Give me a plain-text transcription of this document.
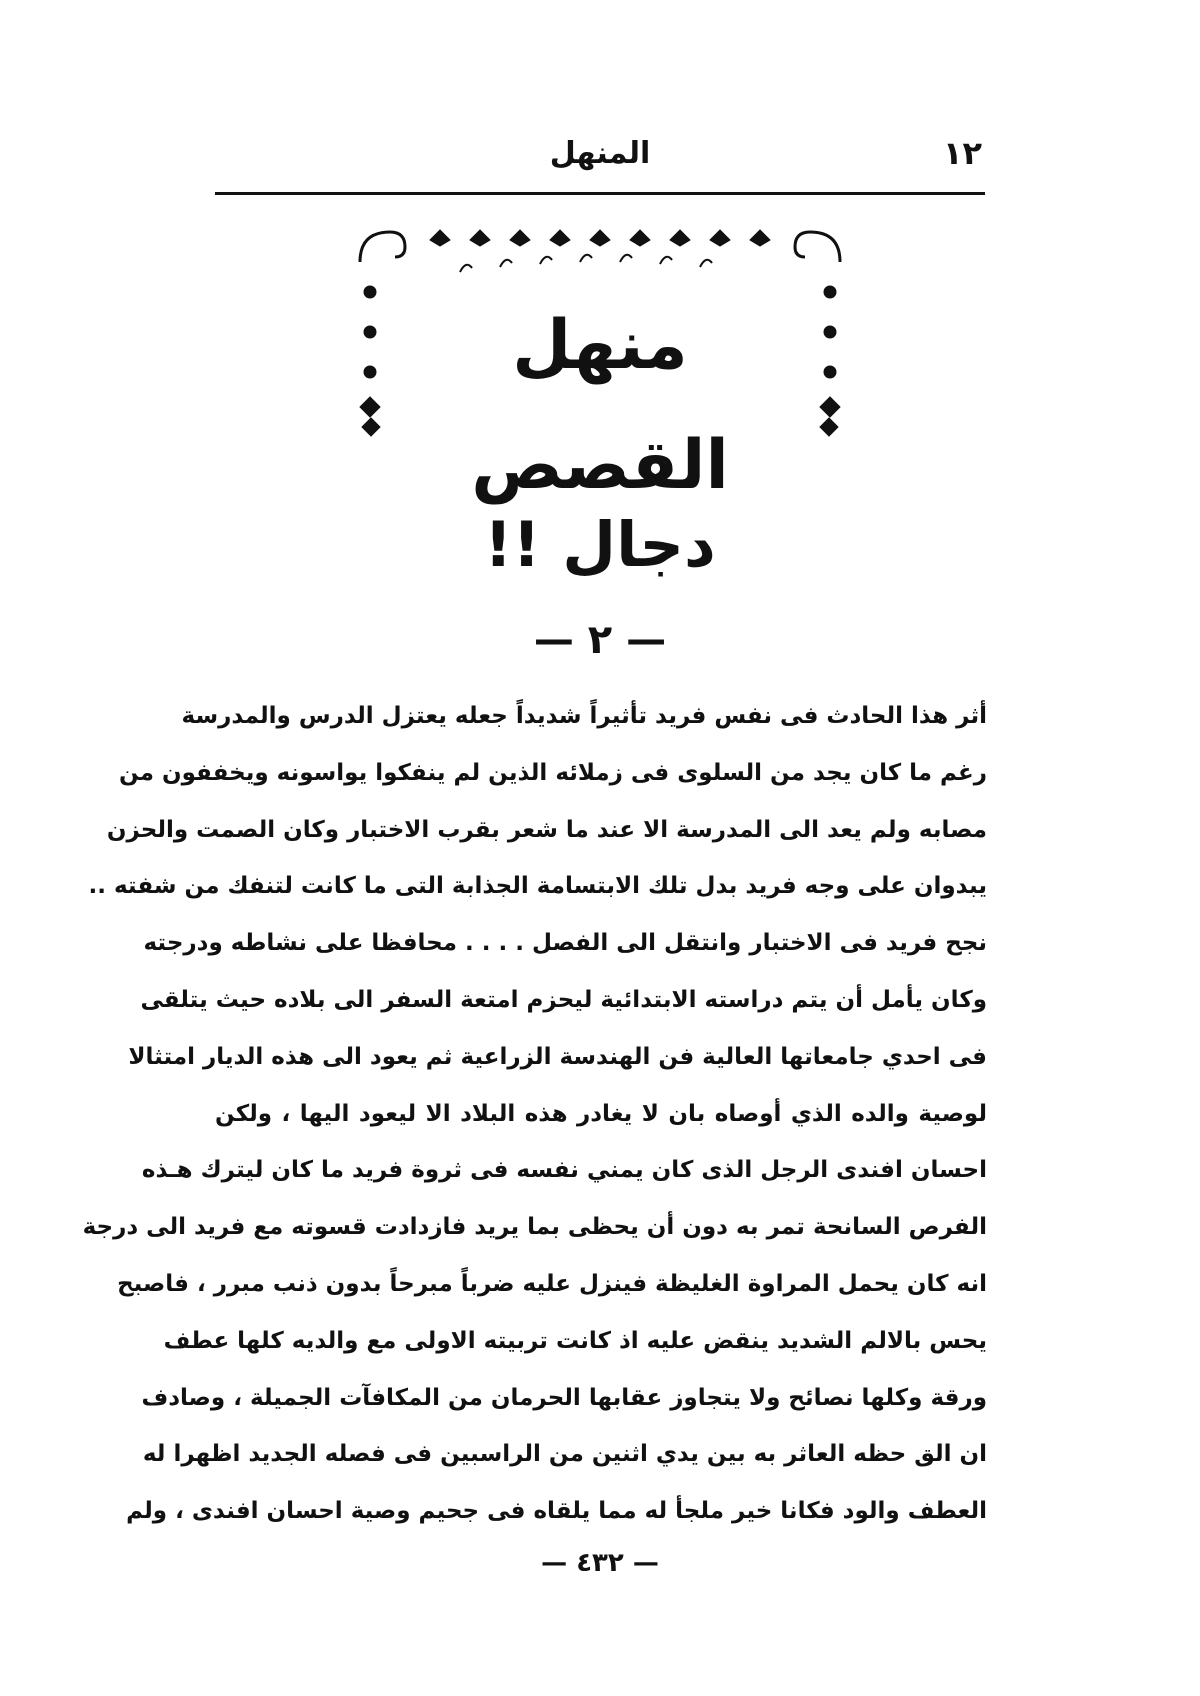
١٢
المنهل
منهل القصص
دجال !!
— ٢ —
أثر هذا الحادث فى نفس فريد تأثيراً شديداً جعله يعتزل الدرس والمدرسة
رغم ما كان يجد من السلوى فى زملائه الذين لم ينفكوا يواسونه ويخففون من
مصابه ولم يعد الى المدرسة الا عند ما شعر بقرب الاختبار وكان الصمت والحزن
يبدوان على وجه فريد بدل تلك الابتسامة الجذابة التى ما كانت لتنفك من شفته ..
نجح فريد فى الاختبار وانتقل الى الفصل . . . . محافظا على نشاطه ودرجته
وكان يأمل أن يتم دراسته الابتدائية ليحزم امتعة السفر الى بلاده حيث يتلقى
فى احدي جامعاتها العالية فن الهندسة الزراعية ثم يعود الى هذه الديار امتثالا
لوصية والده الذي أوصاه بان لا يغادر هذه البلاد الا ليعود اليها ، ولكن
احسان افندى الرجل الذى كان يمني نفسه فى ثروة فريد ما كان ليترك هـذه
الفرص السانحة تمر به دون أن يحظى بما يريد فازدادت قسوته مع فريد الى درجة
انه كان يحمل المراوة الغليظة فينزل عليه ضرباً مبرحاً بدون ذنب مبرر ، فاصبح
يحس بالالم الشديد ينقض عليه اذ كانت تربيته الاولى مع والديه كلها عطف
ورقة وكلها نصائح ولا يتجاوز عقابها الحرمان من المكافآت الجميلة ، وصادف
ان الق حظه العاثر به بين يدي اثنين من الراسبين فى فصله الجديد اظهرا له
العطف والود فكانا خير ملجأ له مما يلقاه فى جحيم وصية احسان افندى ، ولم
— ٤٣٢ —
